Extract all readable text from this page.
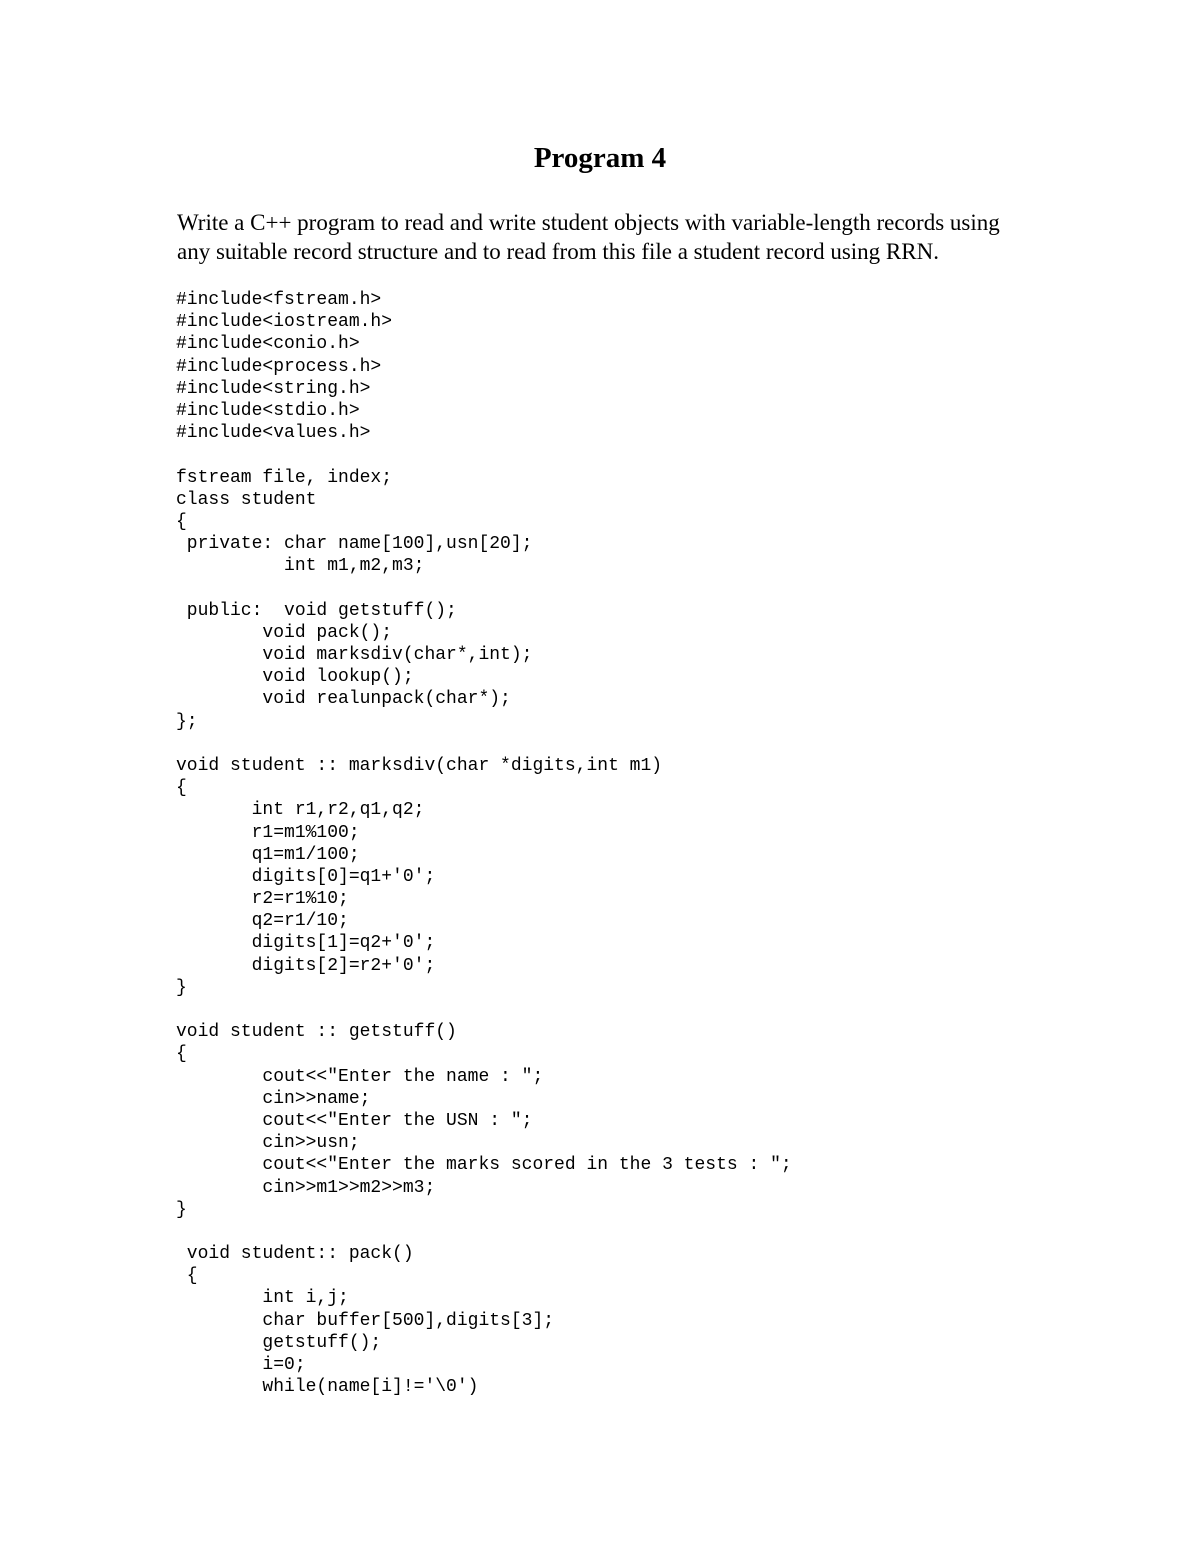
Program 4

Write a C++ program to read and write student objects with variable-length records using
any suitable record structure and to read from this file a student record using RRN.

#include<fstream.h>
#include<iostream.h>
#include<conio.h>
#include<process.h>
#include<string.h>
#include<stdio.h>
#include<values.h>
fstream file, index;
class student
{
private: char name[100],usn[20];
int m1,m2,m3;
public:  void getstuff();
void pack();
void marksdiv(char*,int);
void lookup();
void realunpack(char*);
};
void student :: marksdiv(char *digits,int m1)
{
int r1,r2,q1,q2;
r1=m1%100;
q1=m1/100;
digits[0]=q1+'0';
r2=r1%10;
q2=r1/10;
digits[1]=q2+'0';
digits[2]=r2+'0';
}
void student :: getstuff()
{
cout<<"Enter the name : ";
cin>>name;
cout<<"Enter the USN : ";
cin>>usn;
cout<<"Enter the marks scored in the 3 tests : ";
cin>>m1>>m2>>m3;
}
void student:: pack()
{
int i,j;
char buffer[500],digits[3];
getstuff();
i=0;
while(name[i]!='\0')
